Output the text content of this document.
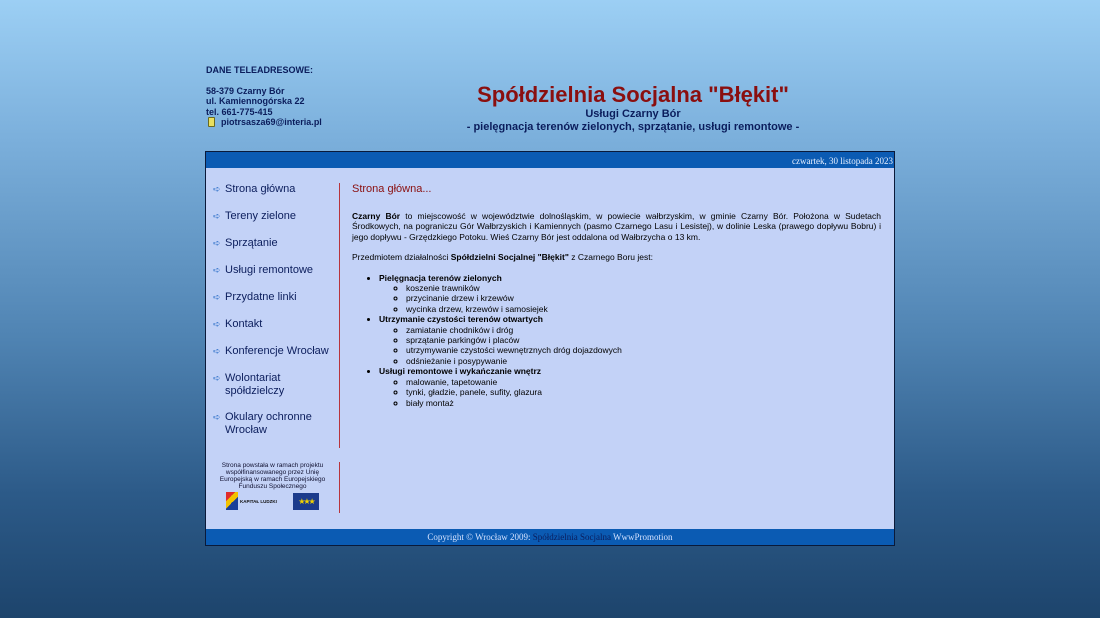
DANE TELEADRESOWE:
58-379 Czarny Bór
ul. Kamiennogórska 22
tel. 661-775-415
piotrsasza69@interia.pl
Spółdzielnia Socjalna "Błękit"
Usługi Czarny Bór
- pielęgnacja terenów zielonych, sprzątanie, usługi remontowe -
czwartek, 30 listopada 2023
➪ Strona główna
➪ Tereny zielone
➪ Sprzątanie
➪ Usługi remontowe
➪ Przydatne linki
➪ Kontakt
➪ Konferencje Wrocław
➪ Wolontariat spółdzielczy
➪ Okulary ochronne Wrocław
Strona powstała w ramach projektu współfinansowanego przez Unię Europejską w ramach Europejskiego Funduszu Społecznego
KAPITAŁ LUDZKI	★★★
Strona główna...

Czarny Bór to miejscowość w województwie dolnośląskim, w powiecie wałbrzyskim, w gminie Czarny Bór. Położona w Sudetach Środkowych, na pograniczu Gór Wałbrzyskich i Kamiennych (pasmo Czarnego Lasu i Lesistej), w dolinie Leska (prawego dopływu Bobru) i jego dopływu - Grzędzkiego Potoku. Wieś Czarny Bór jest oddalona od Wałbrzycha o 13 km.

Przedmiotem działalności Spółdzielni Socjalnej "Błękit" z Czarnego Boru jest:

• Pielęgnacja terenów zielonych
◦ koszenie trawników
◦ przycinanie drzew i krzewów
◦ wycinka drzew, krzewów i samosiejek
• Utrzymanie czystości terenów otwartych
◦ zamiatanie chodników i dróg
◦ sprzątanie parkingów i placów
◦ utrzymywanie czystości wewnętrznych dróg dojazdowych
◦ odśnieżanie i posypywanie
• Usługi remontowe i wykańczanie wnętrz
◦ malowanie, tapetowanie
◦ tynki, gładzie, panele, sufity, glazura
◦ biały montaż
Copyright © Wrocław 2009: Spółdzielnia Socjalna WwwPromotion
